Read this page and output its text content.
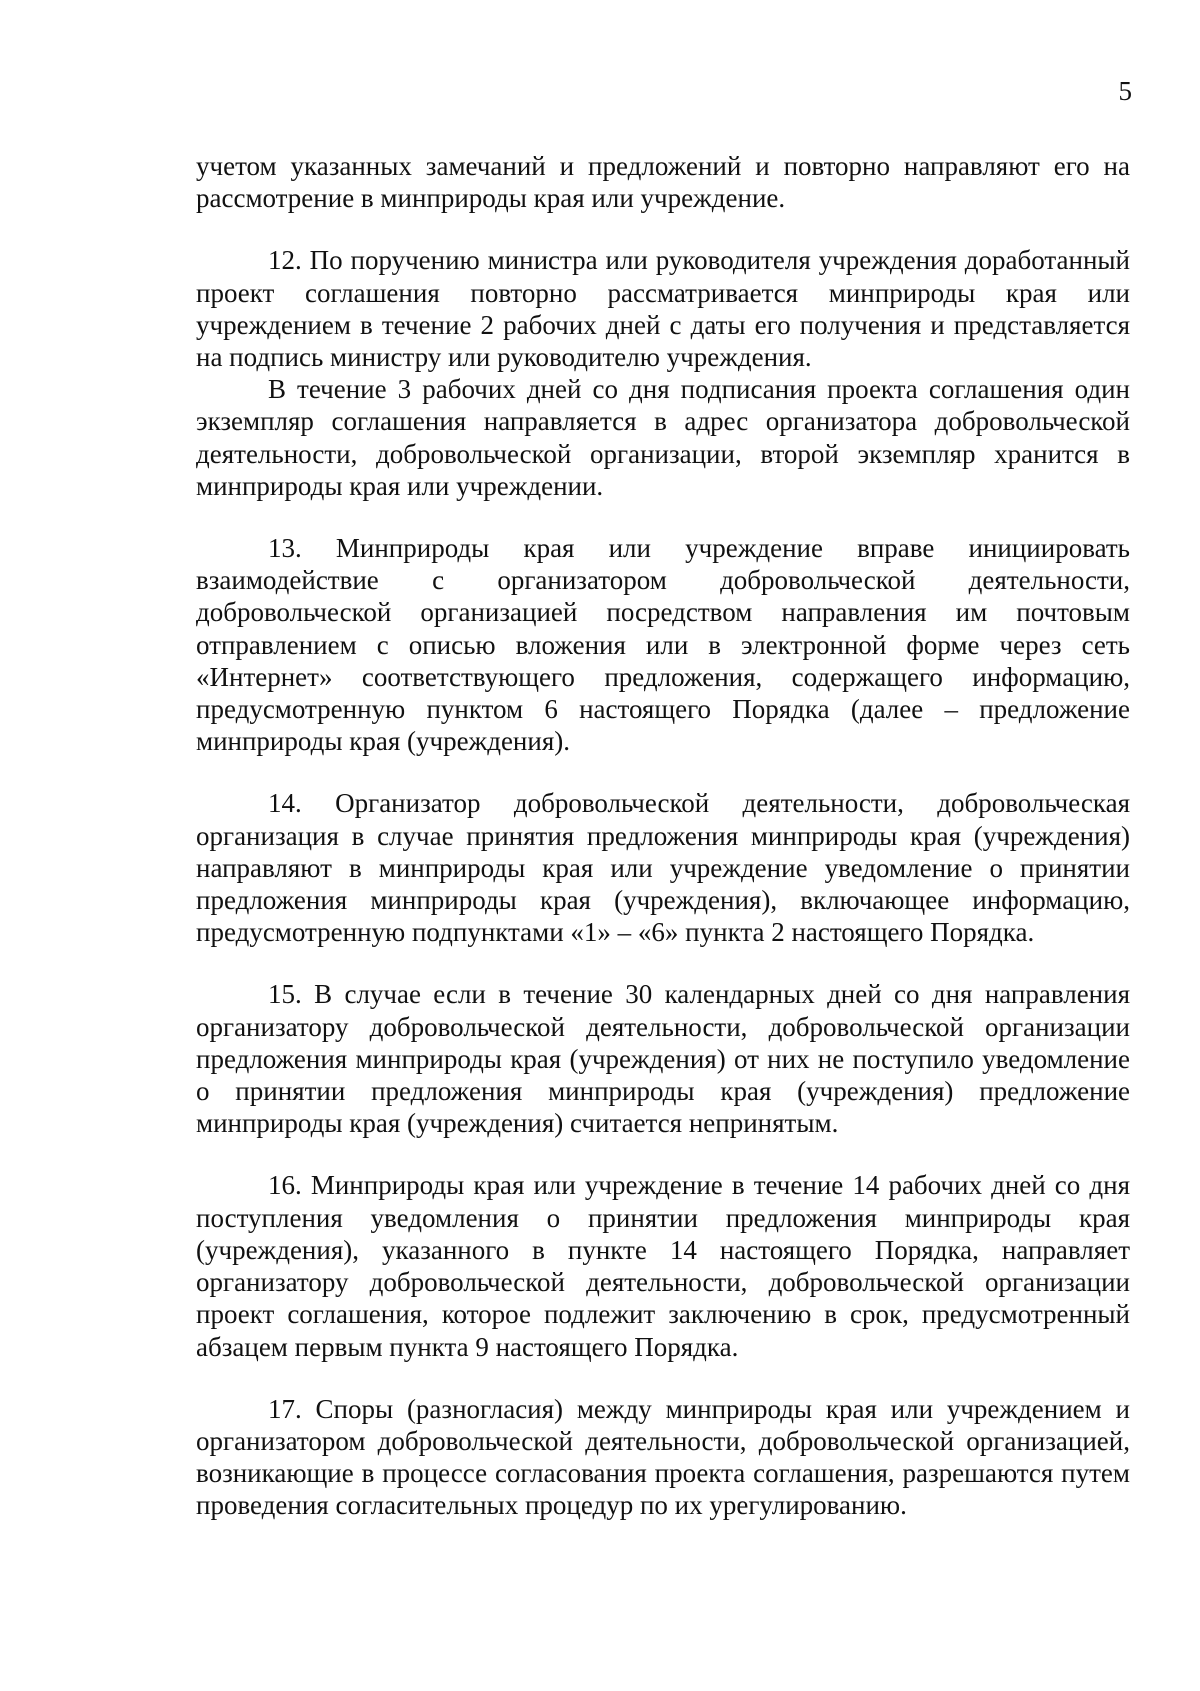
5

учетом указанных замечаний и предложений и повторно направляют его на рассмотрение в минприроды края или учреждение.

12. По поручению министра или руководителя учреждения доработанный проект соглашения повторно рассматривается минприроды края или учреждением в течение 2 рабочих дней с даты его получения и представляется на подпись министру или руководителю учреждения.

В течение 3 рабочих дней со дня подписания проекта соглашения один экземпляр соглашения направляется в адрес организатора добровольческой деятельности, добровольческой организации, второй экземпляр хранится в минприроды края или учреждении.

13. Минприроды края или учреждение вправе инициировать взаимодействие с организатором добровольческой деятельности, добровольческой организацией посредством направления им почтовым отправлением с описью вложения или в электронной форме через сеть «Интернет» соответствующего предложения, содержащего информацию, предусмотренную пунктом 6 настоящего Порядка (далее – предложение минприроды края (учреждения).

14. Организатор добровольческой деятельности, добровольческая организация в случае принятия предложения минприроды края (учреждения) направляют в минприроды края или учреждение уведомление о принятии предложения минприроды края (учреждения), включающее информацию, предусмотренную подпунктами «1» – «6» пункта 2 настоящего Порядка.

15. В случае если в течение 30 календарных дней со дня направления организатору добровольческой деятельности, добровольческой организации предложения минприроды края (учреждения) от них не поступило уведомление о принятии предложения минприроды края (учреждения) предложение минприроды края (учреждения) считается непринятым.

16. Минприроды края или учреждение в течение 14 рабочих дней со дня поступления уведомления о принятии предложения минприроды края (учреждения), указанного в пункте 14 настоящего Порядка, направляет организатору добровольческой деятельности, добровольческой организации проект соглашения, которое подлежит заключению в срок, предусмотренный абзацем первым пункта 9 настоящего Порядка.

17. Споры (разногласия) между минприроды края или учреждением и организатором добровольческой деятельности, добровольческой организацией, возникающие в процессе согласования проекта соглашения, разрешаются путем проведения согласительных процедур по их урегулированию.
